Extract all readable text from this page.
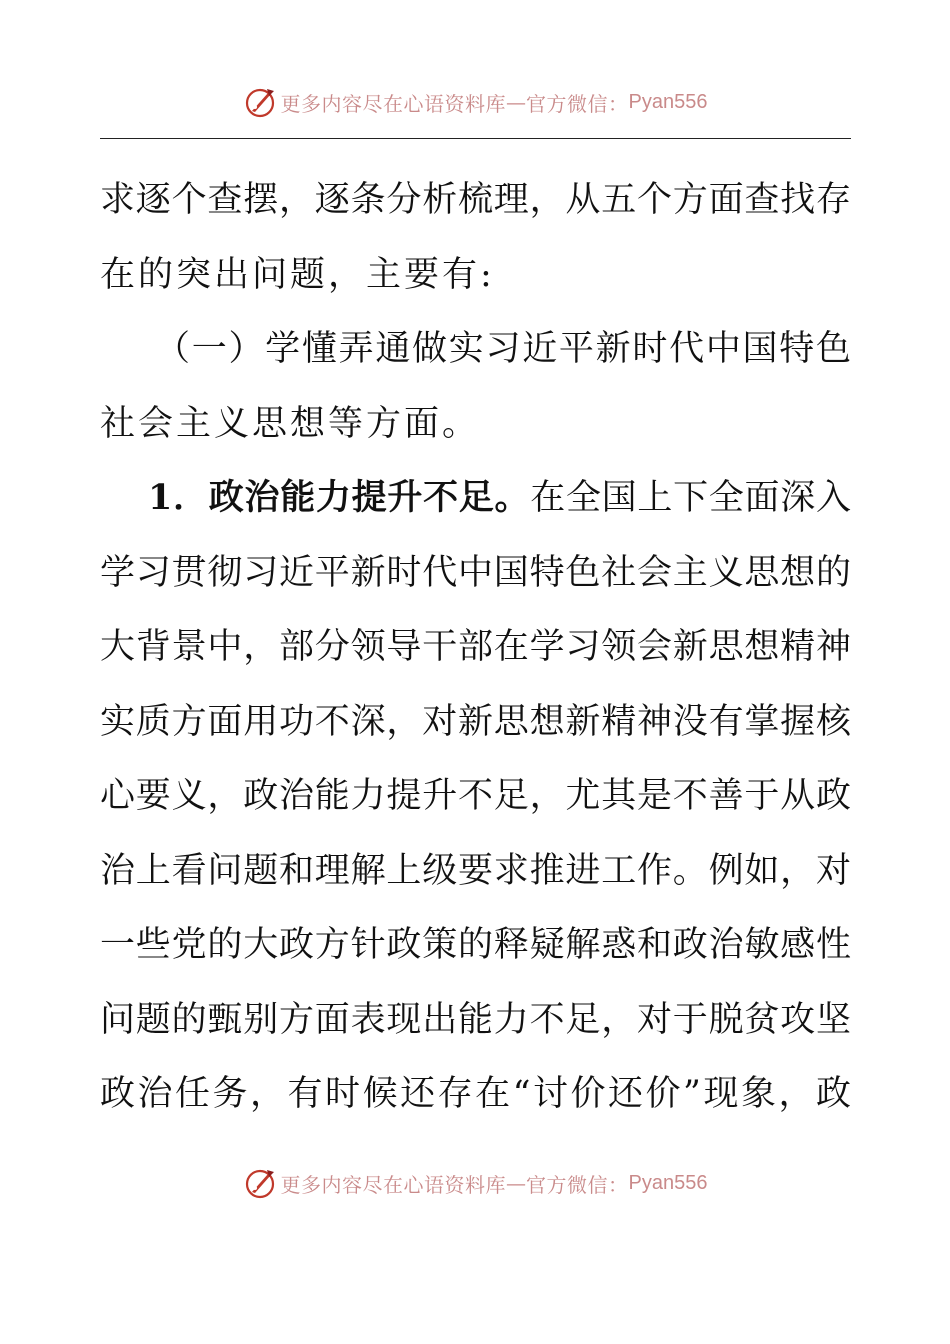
更多内容尽在心语资料库 — 官方微信： Pyan556
求逐个查摆，逐条分析梳理，从五个方面查找存
在的突出问题，主要有:
（一）学懂弄通做实习近平新时代中国特色
社会主义思想等方面。
1．政治能力提升不足。在全国上下全面深入
学习贯彻习近平新时代中国特色社会主义思想的
大背景中，部分领导干部在学习领会新思想精神
实质方面用功不深，对新思想新精神没有掌握核
心要义，政治能力提升不足，尤其是不善于从政
治上看问题和理解上级要求推进工作。例如，对
一些党的大政方针政策的释疑解惑和政治敏感性
问题的甄别方面表现出能力不足，对于脱贫攻坚
政治任务，有时候还存在“讨价还价”现象，政
更多内容尽在心语资料库 — 官方微信： Pyan556
